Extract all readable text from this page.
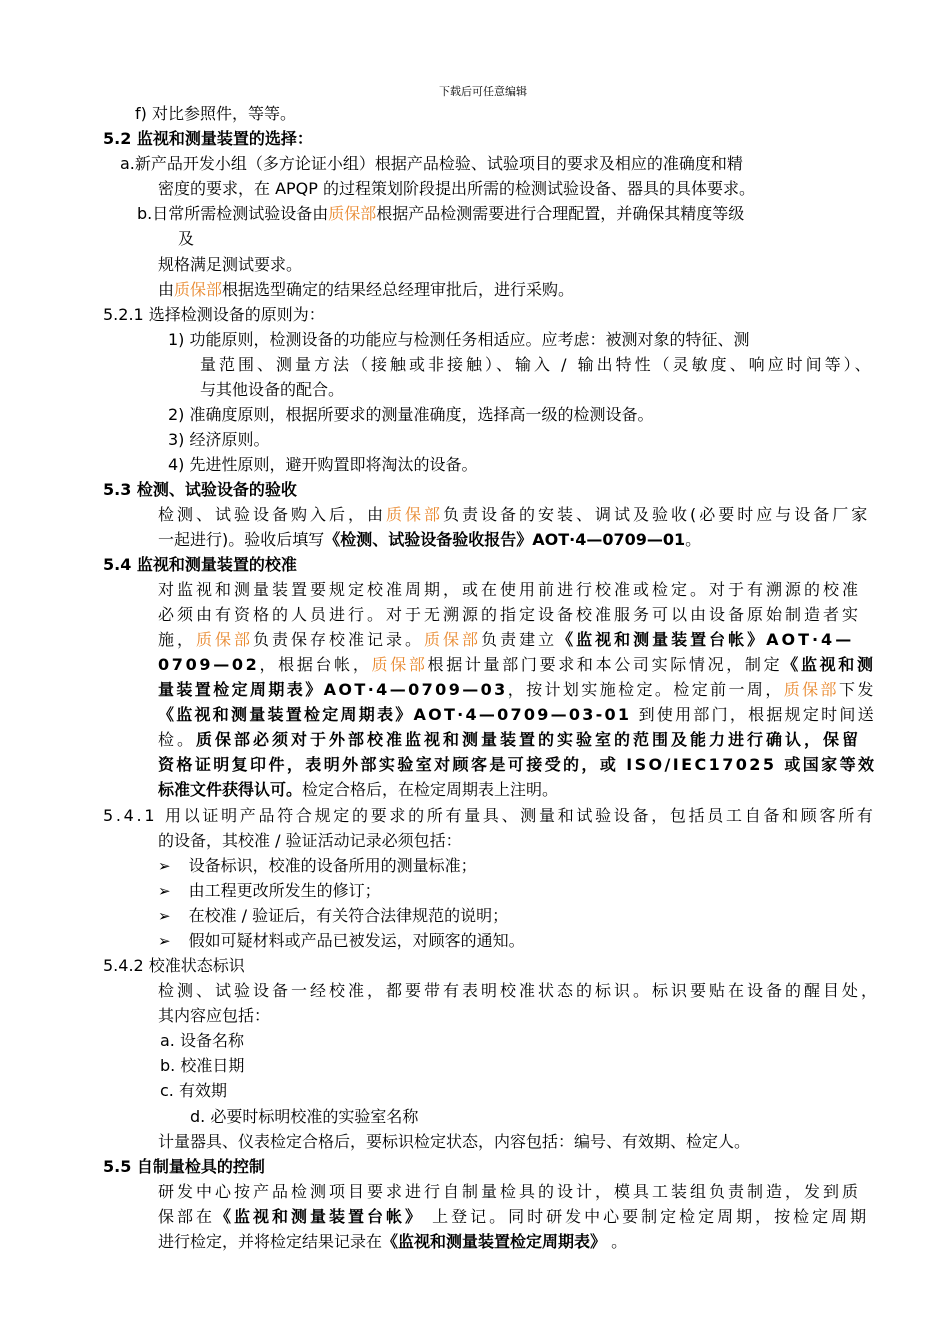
下载后可任意编辑
f) 对比参照件，等等。
5.2 监视和测量装置的选择：
a.新产品开发小组（多方论证小组）根据产品检验、试验项目的要求及相应的准确度和精
密度的要求，在 APQP 的过程策划阶段提出所需的检测试验设备、器具的具体要求。
b.日常所需检测试验设备由质保部根据产品检测需要进行合理配置，并确保其精度等级
及
规格满足测试要求。
由质保部根据选型确定的结果经总经理审批后，进行采购。
5.2.1 选择检测设备的原则为：
1) 功能原则，检测设备的功能应与检测任务相适应。应考虑：被测对象的特征、测
量范围、测量方法（接触或非接触）、输入 / 输出特性（灵敏度、响应时间等）、
与其他设备的配合。
2) 准确度原则，根据所要求的测量准确度，选择高一级的检测设备。
3) 经济原则。
4) 先进性原则，避开购置即将淘汰的设备。
5.3 检测、试验设备的验收
检测、试验设备购入后，由质保部负责设备的安装、调试及验收(必要时应与设备厂家
一起进行)。验收后填写《检测、试验设备验收报告》AOT·4—0709—01。
5.4 监视和测量装置的校准
对监视和测量装置要规定校准周期，或在使用前进行校准或检定。对于有溯源的校准
必须由有资格的人员进行。对于无溯源的指定设备校准服务可以由设备原始制造者实
施，质保部负责保存校准记录。质保部负责建立《监视和测量装置台帐》AOT·4—
0709—02，根据台帐，质保部根据计量部门要求和本公司实际情况，制定《监视和测
量装置检定周期表》AOT·4—0709—03，按计划实施检定。检定前一周，质保部下发
《监视和测量装置检定周期表》AOT·4—0709—03-01 到使用部门，根据规定时间送
检。质保部必须对于外部校准监视和测量装置的实验室的范围及能力进行确认，保留
资格证明复印件，表明外部实验室对顾客是可接受的，或 ISO/IEC17025 或国家等效
标准文件获得认可。检定合格后，在检定周期表上注明。
5.4.1 用以证明产品符合规定的要求的所有量具、测量和试验设备，包括员工自备和顾客所有
的设备，其校准 / 验证活动记录必须包括：
➢ 设备标识，校准的设备所用的测量标准；
➢ 由工程更改所发生的修订；
➢ 在校准 / 验证后，有关符合法律规范的说明；
➢ 假如可疑材料或产品已被发运，对顾客的通知。
5.4.2 校准状态标识
检测、试验设备一经校准，都要带有表明校准状态的标识。标识要贴在设备的醒目处，
其内容应包括：
a. 设备名称
b. 校准日期
c. 有效期
d. 必要时标明校准的实验室名称
计量器具、仪表检定合格后，要标识检定状态，内容包括：编号、有效期、检定人。
5.5 自制量检具的控制
研发中心按产品检测项目要求进行自制量检具的设计，模具工装组负责制造，发到质
保部在《监视和测量装置台帐》 上登记。同时研发中心要制定检定周期，按检定周期
进行检定，并将检定结果记录在《监视和测量装置检定周期表》 。
